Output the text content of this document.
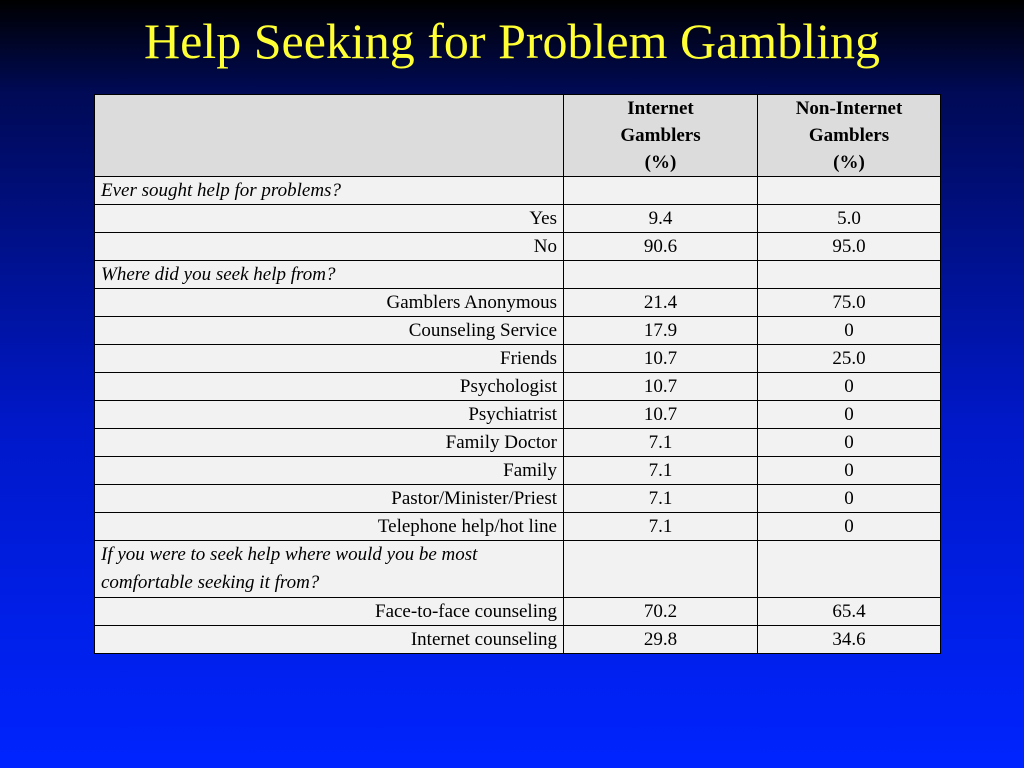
Help Seeking for Problem Gambling
	Internet
Gamblers
(%)	Non-Internet
Gamblers
(%)
Ever sought help for problems?		
Yes	9.4	5.0
No	90.6	95.0
Where did you seek help from?		
Gamblers Anonymous	21.4	75.0
Counseling Service	17.9	0
Friends	10.7	25.0
Psychologist	10.7	0
Psychiatrist	10.7	0
Family Doctor	7.1	0
Family	7.1	0
Pastor/Minister/Priest	7.1	0
Telephone help/hot line	7.1	0
If you were to seek help where would you be most comfortable seeking it from?		
Face-to-face counseling	70.2	65.4
Internet counseling	29.8	34.6
